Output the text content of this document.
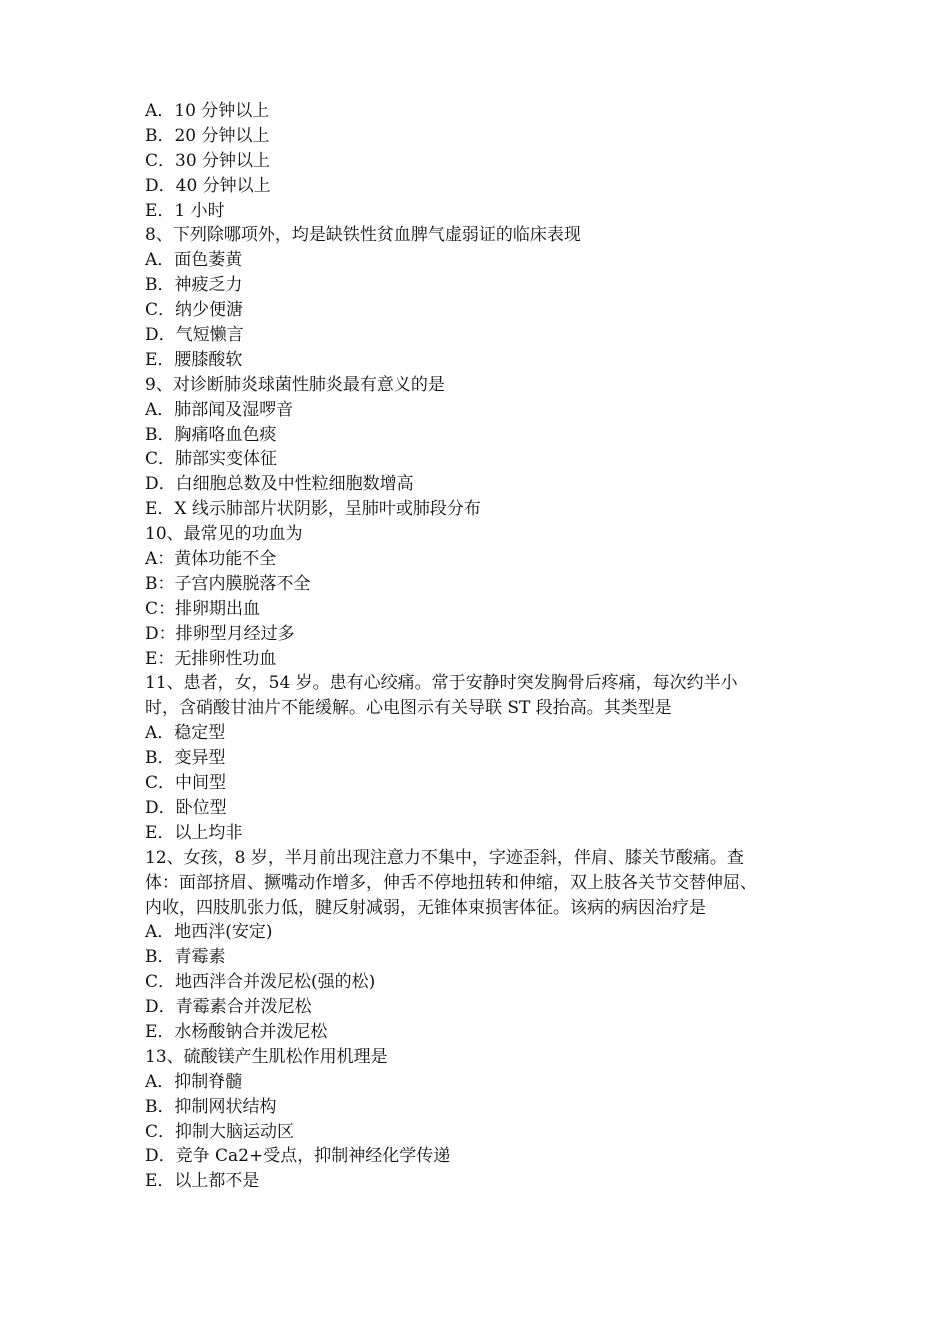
A．10 分钟以上
B．20 分钟以上
C．30 分钟以上
D．40 分钟以上
E．1 小时
8、下列除哪项外，均是缺铁性贫血脾气虚弱证的临床表现
A．面色萎黄
B．神疲乏力
C．纳少便溏
D．气短懒言
E．腰膝酸软
9、对诊断肺炎球菌性肺炎最有意义的是
A．肺部闻及湿啰音
B．胸痛咯血色痰
C．肺部实变体征
D．白细胞总数及中性粒细胞数增高
E．X 线示肺部片状阴影，呈肺叶或肺段分布
10、最常见的功血为
A：黄体功能不全
B：子宫内膜脱落不全
C：排卵期出血
D：排卵型月经过多
E：无排卵性功血
11、患者，女，54 岁。患有心绞痛。常于安静时突发胸骨后疼痛，每次约半小
时，含硝酸甘油片不能缓解。心电图示有关导联 ST 段抬高。其类型是
A．稳定型
B．变异型
C．中间型
D．卧位型
E．以上均非
12、女孩，8 岁，半月前出现注意力不集中，字迹歪斜，伴肩、膝关节酸痛。查
体：面部挤眉、撅嘴动作增多，伸舌不停地扭转和伸缩，双上肢各关节交替伸屈、
内收，四肢肌张力低，腱反射减弱，无锥体束损害体征。该病的病因治疗是
A．地西泮(安定)
B．青霉素
C．地西泮合并泼尼松(强的松)
D．青霉素合并泼尼松
E．水杨酸钠合并泼尼松
13、硫酸镁产生肌松作用机理是
A．抑制脊髓
B．抑制网状结构
C．抑制大脑运动区
D．竞争 Ca2+受点，抑制神经化学传递
E．以上都不是
